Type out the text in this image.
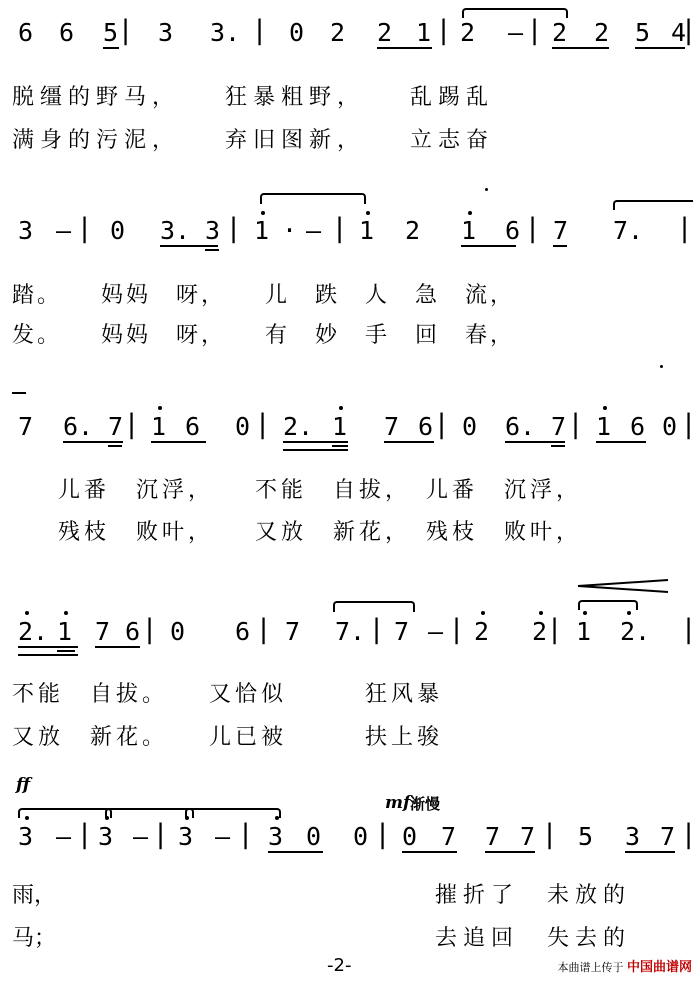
6 6 5 | 3 3. | 0 2 2 1 | 2 – | 2 2 5 4
|
脱缰的野马，　　狂暴粗野，　　乱踢乱
满身的污泥，　　弃旧图新，　　立志奋
3 – | 0 3. 3 | 1 · – | 1 2 1 6 | 7 7. |
踏。　　妈妈　呀，　　儿　跌　人　急　流，
发。　　妈妈　呀，　　有　妙　手　回　春，
7 6. 7 | 1 6 0 | 2. 1 7 6 | 0 6. 7 | 1 6 0 |
儿番　沉浮，　　不能　自拔，　儿番　沉浮，
残枝　败叶，　　又放　新花，　残枝　败叶，
2. 1 7 6 | 0 6 | 7 7. | 7 – | 2 2 | 1 2. |
不能　自拔。　　又恰似　　　狂风暴
又放　新花。　　儿已被　　　扶上骏
ff
mf 渐慢
3 – | 3 – | 3 – | 3 0 0 | 0 7 7 7 | 5 3 7 |
雨，	摧折了　未放的
马；	去追回　失去的
-2-	本曲谱上传于 中国曲谱网
